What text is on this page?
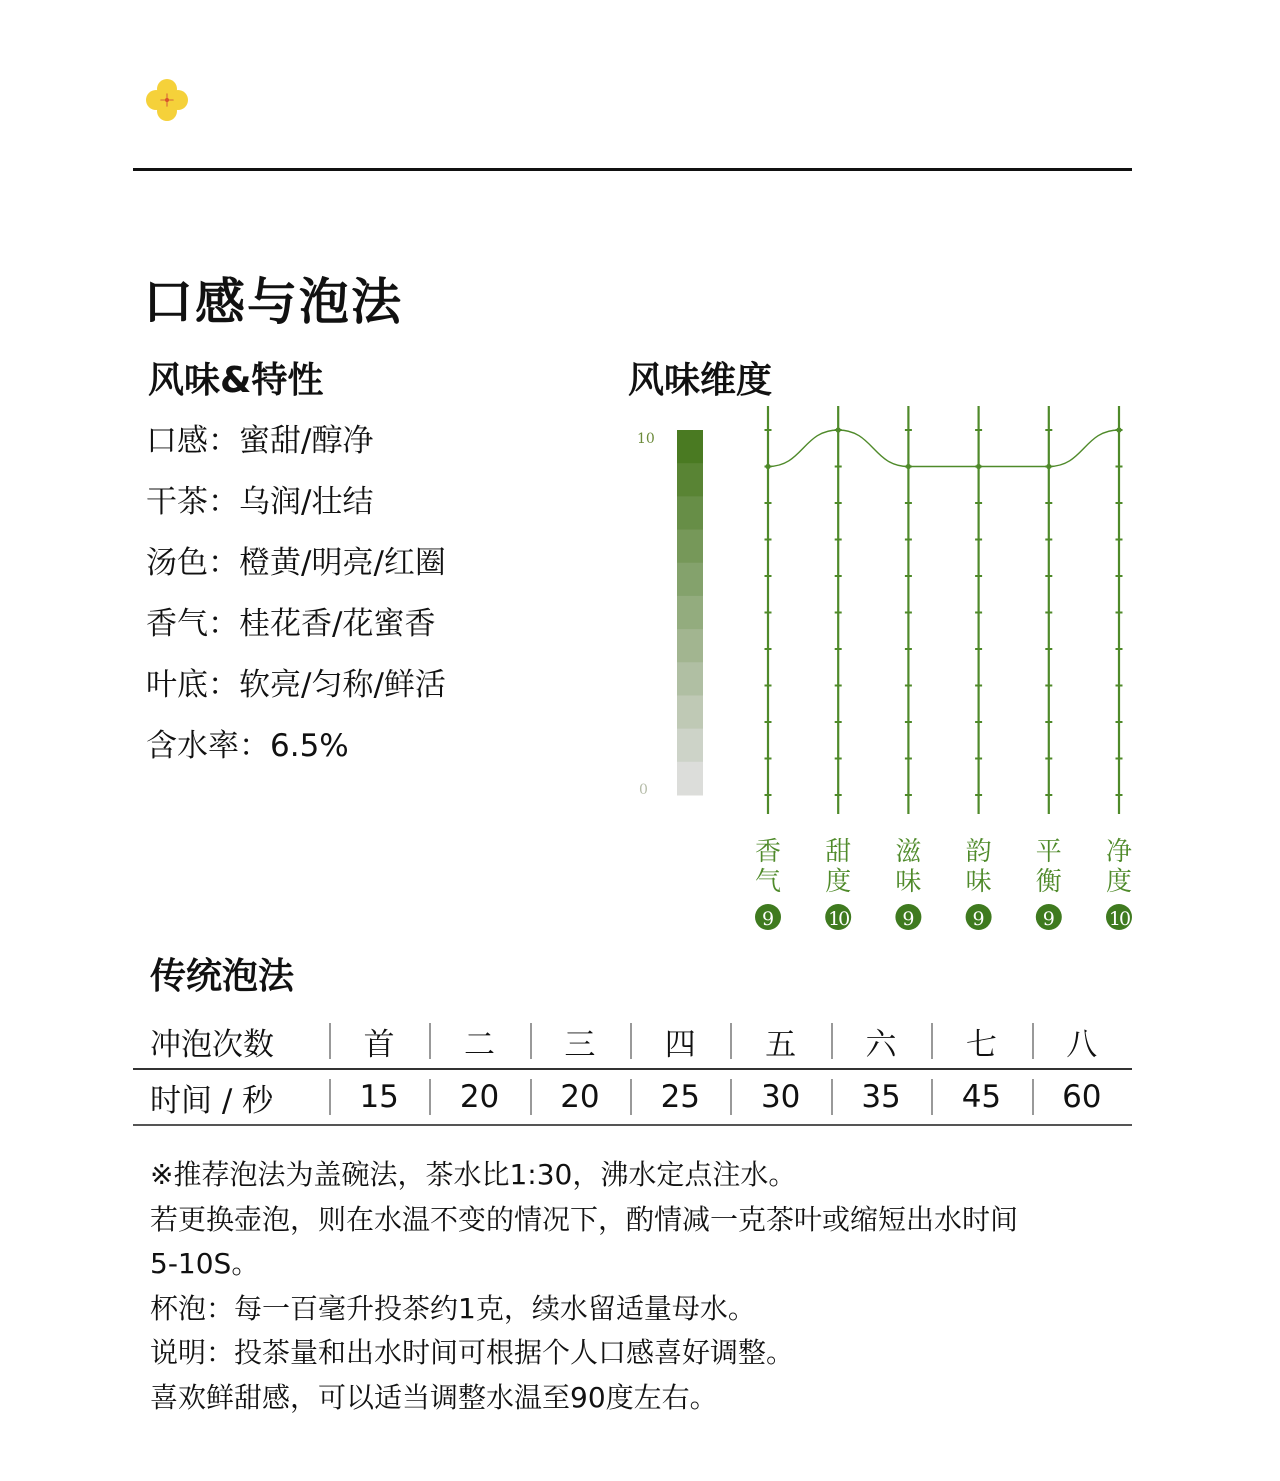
口感与泡法
风味&特性
口感：蜜甜/醇净
干茶：乌润/壮结
汤色：橙黄/明亮/红圈
香气：桂花香/花蜜香
叶底：软亮/匀称/鲜活
含水率：6.5%
风味维度
10
0
香
气
9
甜
度
10
滋
味
9
韵
味
9
平
衡
9
净
度
10
传统泡法
冲泡次数	首	二	三	四	五	六	七	八
时间 / 秒	15	20	20	25	30	35	45	60
※推荐泡法为盖碗法，茶水比1:30，沸水定点注水。
若更换壶泡，则在水温不变的情况下，酌情减一克茶叶或缩短出水时间
5-10S。
杯泡：每一百毫升投茶约1克，续水留适量母水。
说明：投茶量和出水时间可根据个人口感喜好调整。
喜欢鲜甜感，可以适当调整水温至90度左右。
